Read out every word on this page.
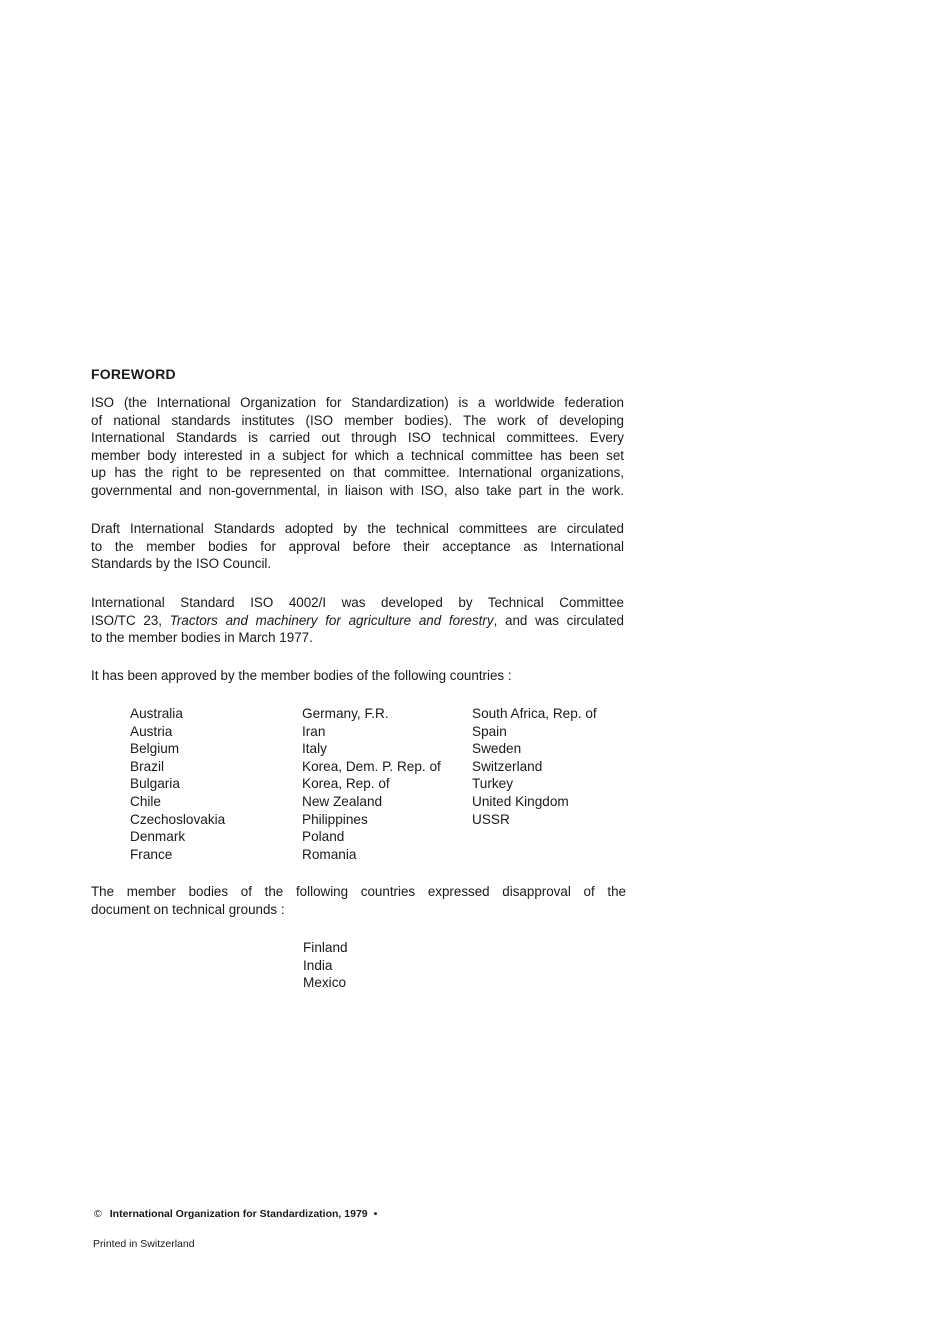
FOREWORD
ISO (the International Organization for Standardization) is a worldwide federation
of national standards institutes (ISO member bodies). The work of developing
International Standards is carried out through ISO technical committees. Every
member body interested in a subject for which a technical committee has been set
up has the right to be represented on that committee. International organizations,
governmental and non-governmental, in liaison with ISO, also take part in the work.
Draft International Standards adopted by the technical committees are circulated
to the member bodies for approval before their acceptance as International
Standards by the ISO Council.
International Standard ISO 4002/I was developed by Technical Committee
ISO/TC 23, Tractors and machinery for agriculture and forestry, and was circulated
to the member bodies in March 1977.
It has been approved by the member bodies of the following countries :
Australia
Austria
Belgium
Brazil
Bulgaria
Chile
Czechoslovakia
Denmark
France
Germany, F.R.
Iran
Italy
Korea, Dem. P. Rep. of
Korea, Rep. of
New Zealand
Philippines
Poland
Romania
South Africa, Rep. of
Spain
Sweden
Switzerland
Turkey
United Kingdom
USSR
The member bodies of the following countries expressed disapproval of the
document on technical grounds :
Finland
India
Mexico
© International Organization for Standardization, 1979 •
Printed in Switzerland
